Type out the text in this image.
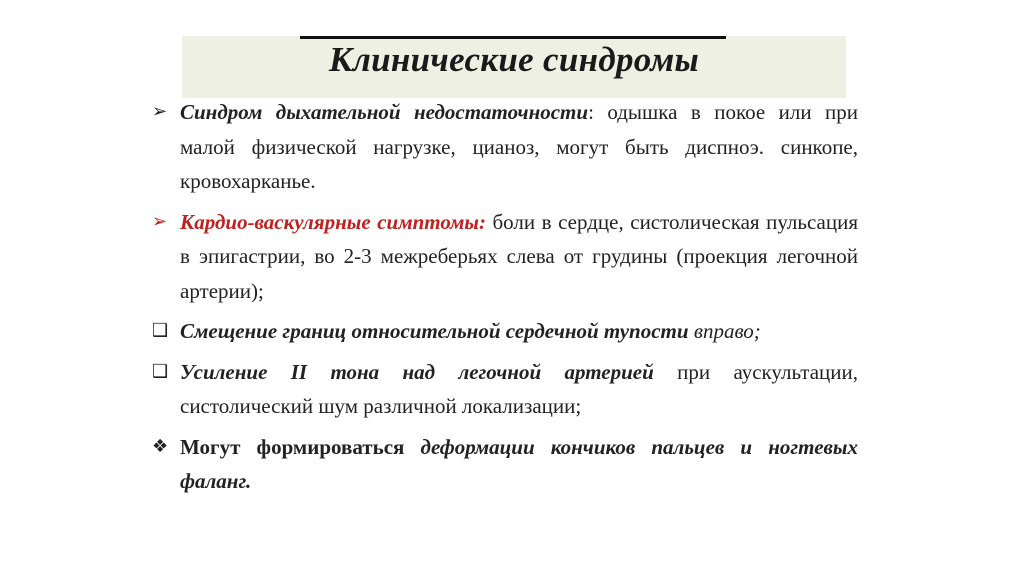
Клинические синдромы
➢ Синдром дыхательной недостаточности: одышка в покое или при малой физической нагрузке, цианоз, могут быть диспноэ. синкопе, кровохарканье.
➢ Кардио-васкулярные симптомы: боли в сердце, систолическая пульсация в эпигастрии, во 2-3 межреберьях слева от грудины (проекция легочной артерии);
❑ Смещение границ относительной сердечной тупости вправо;
❑ Усиление II тона над легочной артерией при аускультации, систолический шум различной локализации;
❖ Могут формироваться деформации кончиков пальцев и ногтевых фаланг.
